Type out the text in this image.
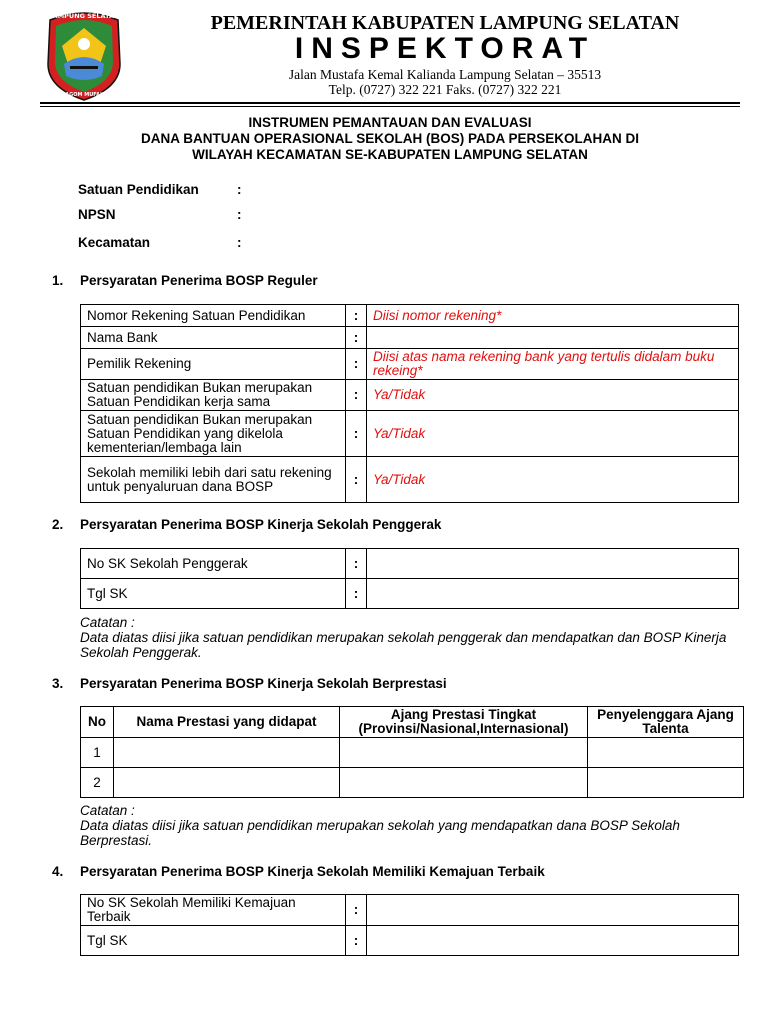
LAMPUNG SELATAN
KHAGOM MUFAKAT
PEMERINTAH KABUPATEN LAMPUNG SELATAN
INSPEKTORAT
Jalan Mustafa Kemal Kalianda Lampung Selatan – 35513
Telp. (0727) 322 221 Faks. (0727) 322 221
INSTRUMEN PEMANTAUAN DAN EVALUASI
DANA BANTUAN OPERASIONAL SEKOLAH (BOS) PADA PERSEKOLAHAN DI
WILAYAH KECAMATAN SE-KABUPATEN LAMPUNG SELATAN
Satuan Pendidikan	:
NPSN	:
Kecamatan	:
1. Persyaratan Penerima BOSP Reguler
Nomor Rekening Satuan Pendidikan	:	Diisi nomor rekening*
Nama Bank	:	
Pemilik Rekening	:	Diisi atas nama rekening bank yang tertulis didalam buku rekeing*
Satuan pendidikan Bukan merupakan Satuan Pendidikan kerja sama	:	Ya/Tidak
Satuan pendidikan Bukan merupakan Satuan Pendidikan yang dikelola kementerian/lembaga lain	:	Ya/Tidak
Sekolah memiliki lebih dari satu rekening untuk penyaluruan dana BOSP	:	Ya/Tidak
2. Persyaratan Penerima BOSP Kinerja Sekolah Penggerak
No SK Sekolah Penggerak	:	
Tgl SK	:	
Catatan :
Data diatas diisi jika satuan pendidikan merupakan sekolah penggerak dan mendapatkan dan BOSP Kinerja Sekolah Penggerak.
3. Persyaratan Penerima BOSP Kinerja Sekolah Berprestasi
No	Nama Prestasi yang didapat	Ajang Prestasi Tingkat (Provinsi/Nasional,Internasional)	Penyelenggara Ajang Talenta
1			
2			
Catatan :
Data diatas diisi jika satuan pendidikan merupakan sekolah yang mendapatkan dana BOSP Sekolah Berprestasi.
4. Persyaratan Penerima BOSP Kinerja Sekolah Memiliki Kemajuan Terbaik
No SK Sekolah Memiliki Kemajuan Terbaik	:	
Tgl SK	:	
